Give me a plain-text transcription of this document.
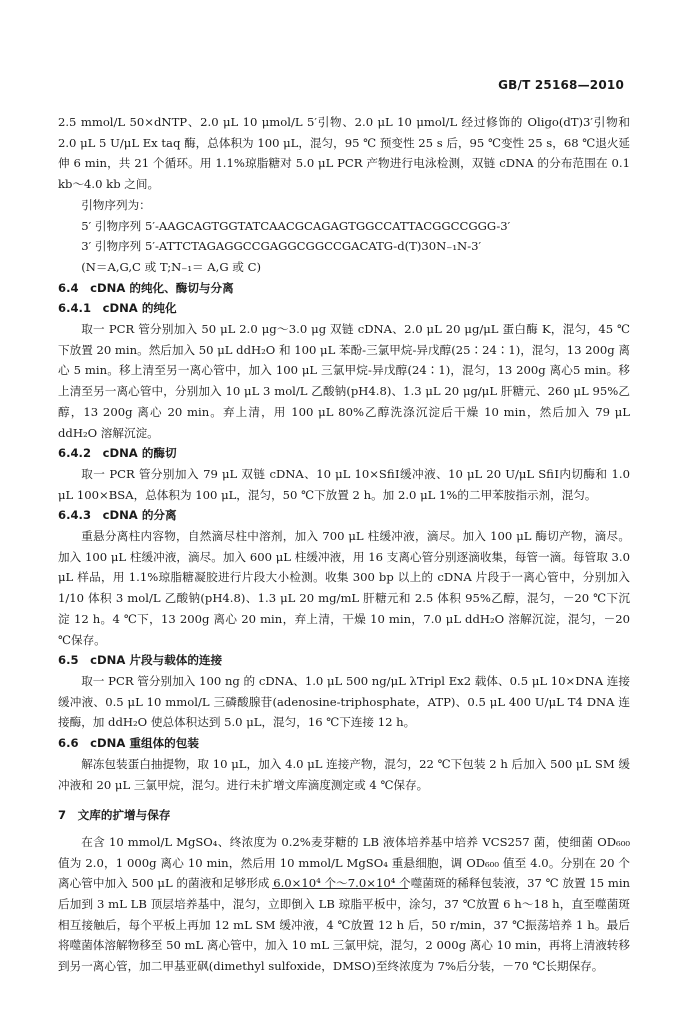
GB/T 25168—2010

2.5 mmol/L 50×dNTP、2.0 μL 10 μmol/L 5′引物、2.0 μL 10 μmol/L 经过修饰的 Oligo(dT)3′引物和 2.0 μL 5 U/μL Ex taq 酶，总体积为 100 μL，混匀，95 ℃ 预变性 25 s 后，95 ℃变性 25 s，68 ℃退火延伸 6 min，共 21 个循环。用 1.1%琼脂糖对 5.0 μL PCR 产物进行电泳检测，双链 cDNA 的分布范围在 0.1 kb～4.0 kb 之间。

引物序列为：

5′ 引物序列 5′-AAGCAGTGGTATCAACGCAGAGTGGCCATTACGGCCGGG-3′

3′ 引物序列 5′-ATTCTAGAGGCCGAGGCGGCCGACATG-d(T)30N₋₁N-3′

(N＝A,G,C 或 T;N₋₁＝ A,G 或 C)

6.4 cDNA 的纯化、酶切与分离
6.4.1 cDNA 的纯化

取一 PCR 管分别加入 50 μL 2.0 μg～3.0 μg 双链 cDNA、2.0 μL 20 μg/μL 蛋白酶 K，混匀，45 ℃下放置 20 min。然后加入 50 μL ddH₂O 和 100 μL 苯酚-三氯甲烷-异戊醇(25∶24∶1)，混匀，13 200g 离心 5 min。移上清至另一离心管中，加入 100 μL 三氯甲烷-异戊醇(24∶1)，混匀，13 200g 离心5 min。移上清至另一离心管中，分别加入 10 μL 3 mol/L 乙酸钠(pH4.8)、1.3 μL 20 μg/μL 肝糖元、260 μL 95%乙醇，13 200g 离心 20 min。弃上清，用 100 μL 80%乙醇洗涤沉淀后干燥 10 min，然后加入 79 μL ddH₂O 溶解沉淀。

6.4.2 cDNA 的酶切

取一 PCR 管分别加入 79 μL 双链 cDNA、10 μL 10×SfiⅠ缓冲液、10 μL 20 U/μL SfiⅠ内切酶和 1.0 μL 100×BSA，总体积为 100 μL，混匀，50 ℃下放置 2 h。加 2.0 μL 1%的二甲苯胺指示剂，混匀。

6.4.3 cDNA 的分离

重悬分离柱内容物，自然滴尽柱中溶剂，加入 700 μL 柱缓冲液，滴尽。加入 100 μL 酶切产物，滴尽。加入 100 μL 柱缓冲液，滴尽。加入 600 μL 柱缓冲液，用 16 支离心管分别逐滴收集，每管一滴。每管取 3.0 μL 样品，用 1.1%琼脂糖凝胶进行片段大小检测。收集 300 bp 以上的 cDNA 片段于一离心管中，分别加入 1/10 体积 3 mol/L 乙酸钠(pH4.8)、1.3 μL 20 mg/mL 肝糖元和 2.5 体积 95%乙醇，混匀，－20 ℃下沉淀 12 h。4 ℃下，13 200g 离心 20 min，弃上清，干燥 10 min，7.0 μL ddH₂O 溶解沉淀，混匀，－20 ℃保存。

6.5 cDNA 片段与载体的连接

取一 PCR 管分别加入 100 ng 的 cDNA、1.0 μL 500 ng/μL λTripl Ex2 载体、0.5 μL 10×DNA 连接缓冲液、0.5 μL 10 mmol/L 三磷酸腺苷(adenosine-triphosphate，ATP)、0.5 μL 400 U/μL T4 DNA 连接酶，加 ddH₂O 使总体积达到 5.0 μL，混匀，16 ℃下连接 12 h。

6.6 cDNA 重组体的包装

解冻包装蛋白抽提物，取 10 μL，加入 4.0 μL 连接产物，混匀，22 ℃下包装 2 h 后加入 500 μL SM 缓冲液和 20 μL 三氯甲烷，混匀。进行未扩增文库滴度测定或 4 ℃保存。

7 文库的扩增与保存

在含 10 mmol/L MgSO₄、终浓度为 0.2%麦芽糖的 LB 液体培养基中培养 VCS257 菌，使细菌 OD₆₀₀ 值为 2.0，1 000g 离心 10 min，然后用 10 mmol/L MgSO₄ 重悬细胞，调 OD₆₀₀ 值至 4.0。分别在 20 个离心管中加入 500 μL 的菌液和足够形成 6.0×10⁴ 个～7.0×10⁴ 个噬菌斑的稀释包装液，37 ℃ 放置 15 min 后加到 3 mL LB 顶层培养基中，混匀，立即倒入 LB 琼脂平板中，涂匀，37 ℃放置 6 h～18 h，直至噬菌斑相互接触后，每个平板上再加 12 mL SM 缓冲液，4 ℃放置 12 h 后，50 r/min，37 ℃振荡培养 1 h。最后将噬菌体溶解物移至 50 mL 离心管中，加入 10 mL 三氯甲烷，混匀，2 000g 离心 10 min，再将上清液转移到另一离心管，加二甲基亚砜(dimethyl sulfoxide，DMSO)至终浓度为 7%后分装，－70 ℃长期保存。
